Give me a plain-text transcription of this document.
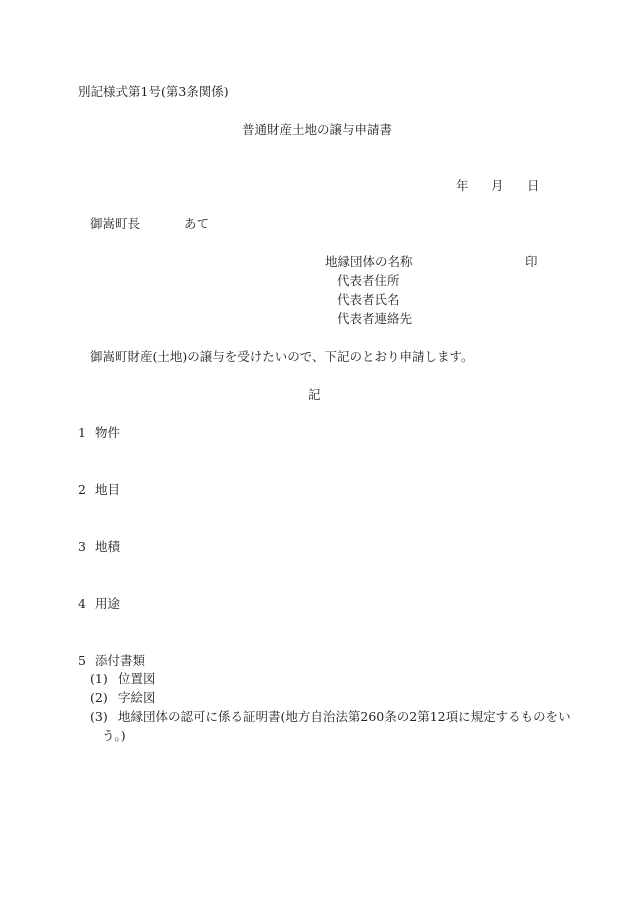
別記様式第1号(第3条関係)
普通財産土地の譲与申請書
年 月 日
御嵩町長	あて
地縁団体の名称	印
代表者住所
代表者氏名
代表者連絡先
御嵩町財産(土地)の譲与を受けたいので、下記のとおり申請します。
記
1 物件
2 地目
3 地積
4 用途
5 添付書類
(1) 位置図
(2) 字絵図
(3) 地縁団体の認可に係る証明書(地方自治法第260条の2第12項に規定するものをい
う。)
